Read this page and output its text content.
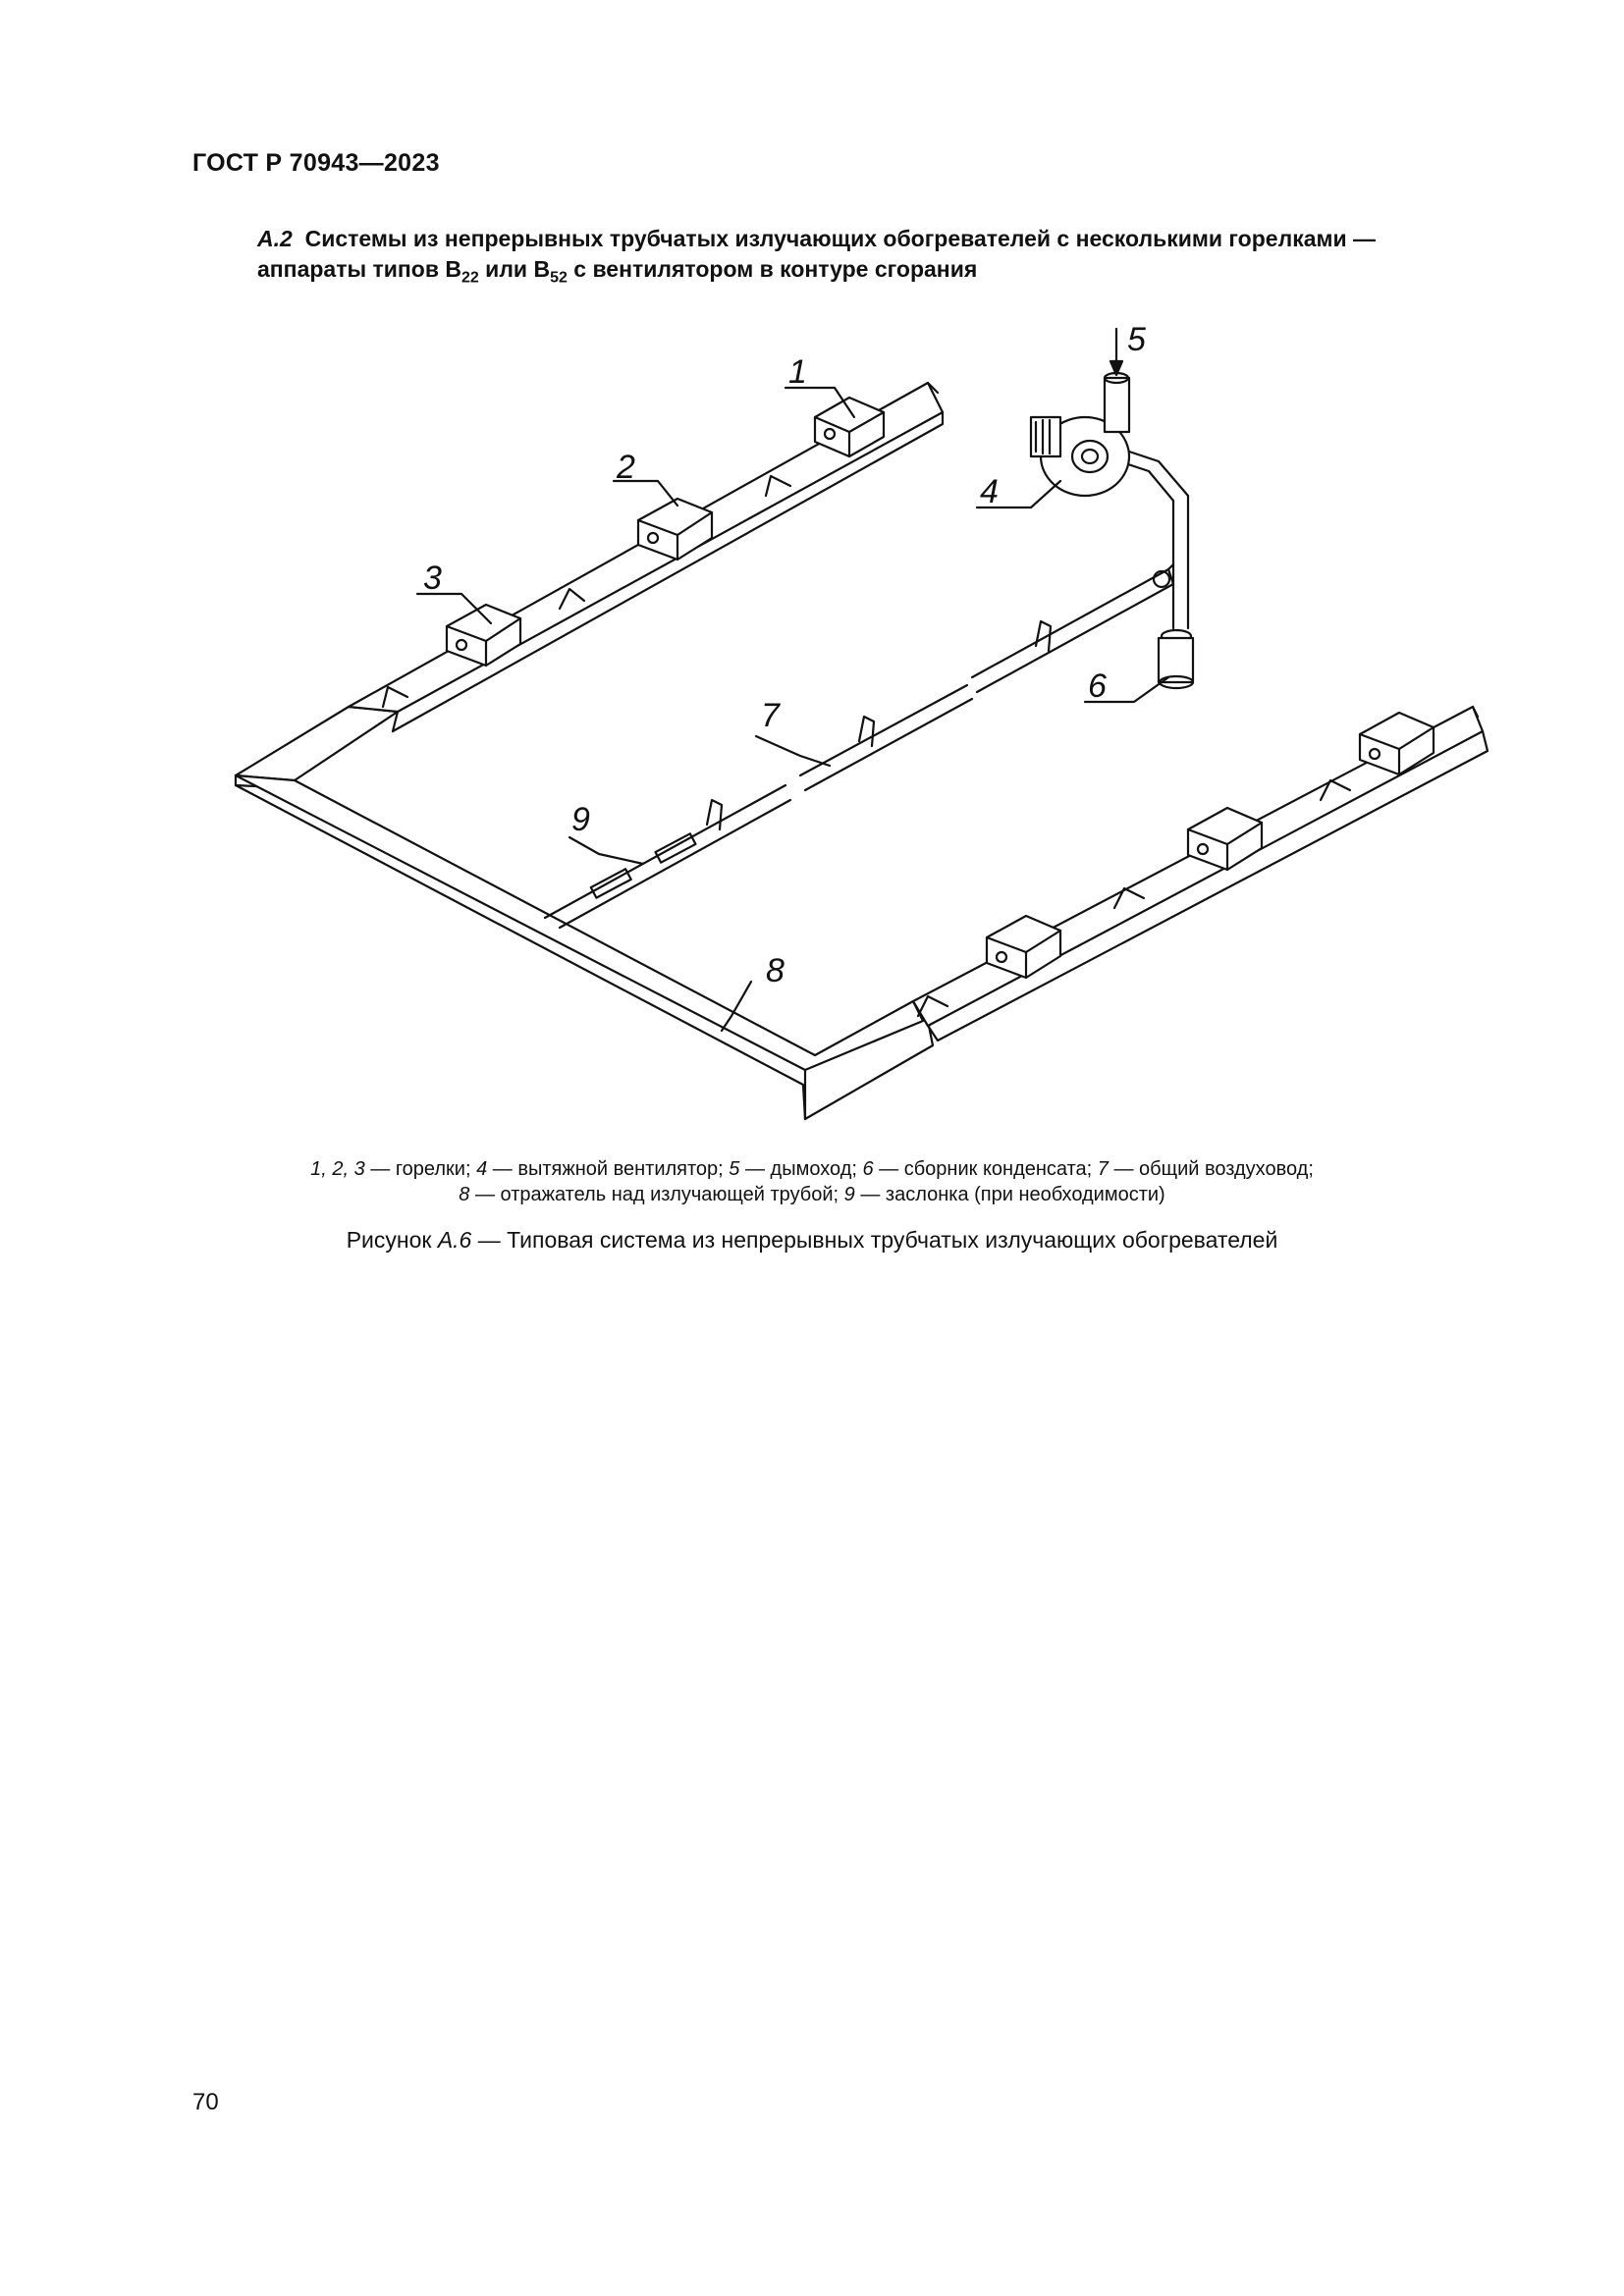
ГОСТ Р 70943—2023
А.2 Системы из непрерывных трубчатых излучающих обогревателей с несколькими горелками —
аппараты типов $B_{22}$ или $B_{52}$ с вентилятором в контуре сгорания
1
2
3
4
5
6
7
8
9
1, 2, 3 — горелки; 4 — вытяжной вентилятор; 5 — дымоход; 6 — сборник конденсата; 7 — общий воздуховод;
8 — отражатель над излучающей трубой; 9 — заслонка (при необходимости)
Рисунок А.6 — Типовая система из непрерывных трубчатых излучающих обогревателей
70
